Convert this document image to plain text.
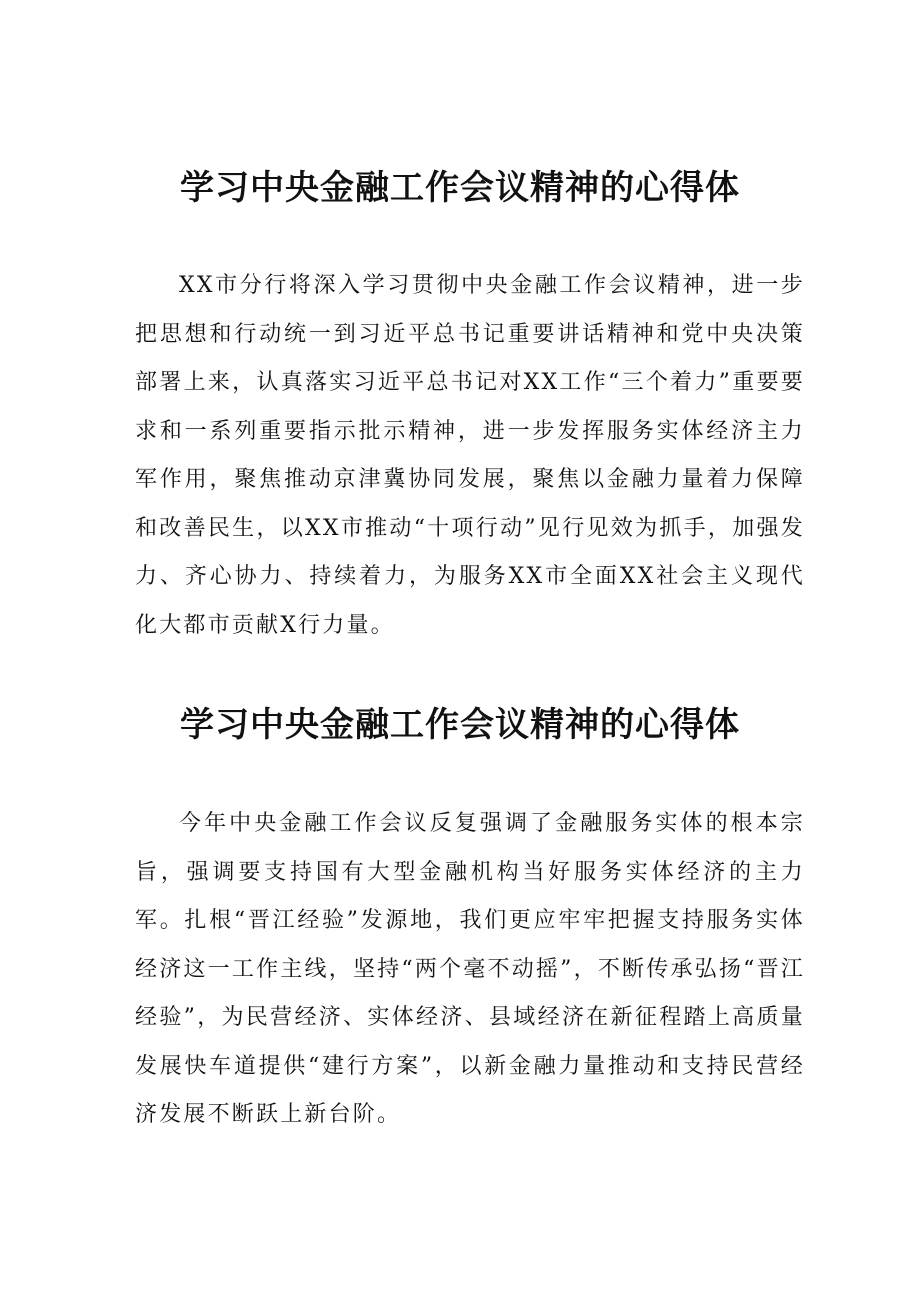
学习中央金融工作会议精神的心得体

XX市分行将深入学习贯彻中央金融工作会议精神，进一步把思想和行动统一到习近平总书记重要讲话精神和党中央决策部署上来，认真落实习近平总书记对XX工作“三个着力”重要要求和一系列重要指示批示精神，进一步发挥服务实体经济主力军作用，聚焦推动京津冀协同发展，聚焦以金融力量着力保障和改善民生，以XX市推动“十项行动”见行见效为抓手，加强发力、齐心协力、持续着力，为服务XX市全面XX社会主义现代化大都市贡献X行力量。

学习中央金融工作会议精神的心得体

今年中央金融工作会议反复强调了金融服务实体的根本宗旨，强调要支持国有大型金融机构当好服务实体经济的主力军。扎根“晋江经验”发源地，我们更应牢牢把握支持服务实体经济这一工作主线，坚持“两个毫不动摇”，不断传承弘扬“晋江经验”，为民营经济、实体经济、县域经济在新征程踏上高质量发展快车道提供“建行方案”，以新金融力量推动和支持民营经济发展不断跃上新台阶。
